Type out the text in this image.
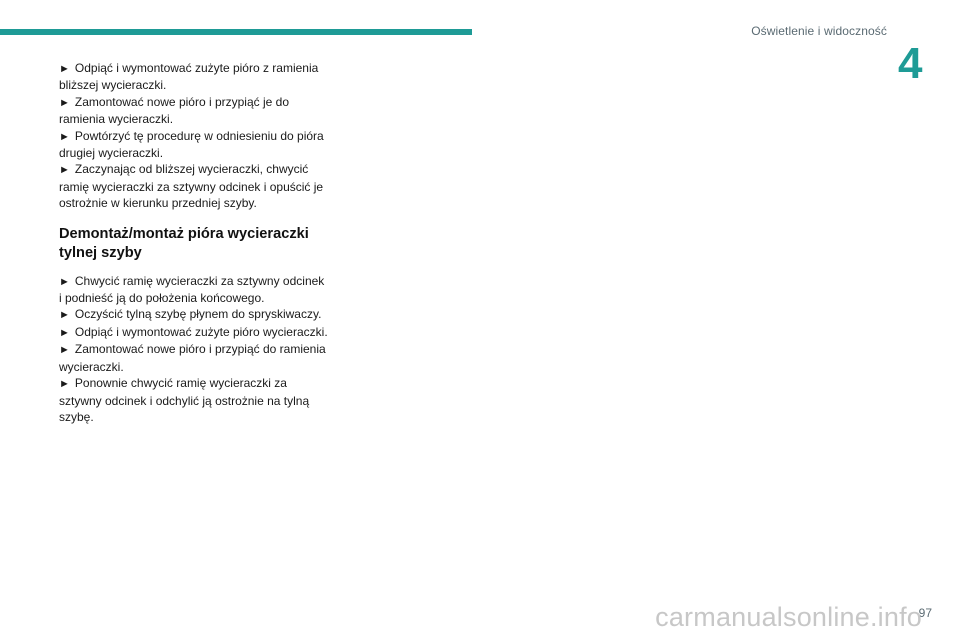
Oświetlenie i widoczność
4

► Odpiąć i wymontować zużyte pióro z ramienia bliższej wycieraczki.

► Zamontować nowe pióro i przypiąć je do ramienia wycieraczki.

► Powtórzyć tę procedurę w odniesieniu do pióra drugiej wycieraczki.

► Zaczynając od bliższej wycieraczki, chwycić ramię wycieraczki za sztywny odcinek i opuścić je ostrożnie w kierunku przedniej szyby.

Demontaż/montaż pióra wycieraczki tylnej szyby

► Chwycić ramię wycieraczki za sztywny odcinek i podnieść ją do położenia końcowego.

► Oczyścić tylną szybę płynem do spryskiwaczy.

► Odpiąć i wymontować zużyte pióro wycieraczki.

► Zamontować nowe pióro i przypiąć do ramienia wycieraczki.

► Ponownie chwycić ramię wycieraczki za sztywny odcinek i odchylić ją ostrożnie na tylną szybę.

97
carmanualsonline.info
